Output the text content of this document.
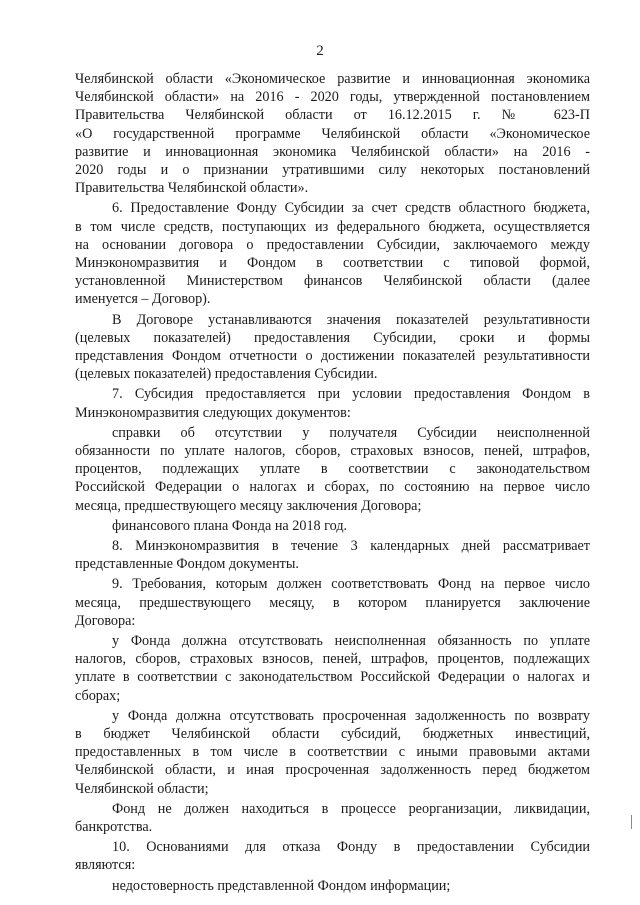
2
Челябинской области «Экономическое развитие и инновационная экономика
Челябинской области» на 2016 - 2020 годы, утвержденной постановлением
Правительства Челябинской области от 16.12.2015 г. № 623-П
«О государственной программе Челябинской области «Экономическое
развитие и инновационная экономика Челябинской области» на 2016 -
2020 годы и о признании утратившими силу некоторых постановлений
Правительства Челябинской области».
6. Предоставление Фонду Субсидии за счет средств областного бюджета,
в том числе средств, поступающих из федерального бюджета, осуществляется
на основании договора о предоставлении Субсидии, заключаемого между
Минэкономразвития и Фондом в соответствии с типовой формой,
установленной Министерством финансов Челябинской области (далее
именуется – Договор).
В Договоре устанавливаются значения показателей результативности
(целевых показателей) предоставления Субсидии, сроки и формы
представления Фондом отчетности о достижении показателей результативности
(целевых показателей) предоставления Субсидии.
7. Субсидия предоставляется при условии предоставления Фондом в
Минэкономразвития следующих документов:
справки об отсутствии у получателя Субсидии неисполненной
обязанности по уплате налогов, сборов, страховых взносов, пеней, штрафов,
процентов, подлежащих уплате в соответствии с законодательством
Российской Федерации о налогах и сборах, по состоянию на первое число
месяца, предшествующего месяцу заключения Договора;
финансового плана Фонда на 2018 год.
8. Минэкономразвития в течение 3 календарных дней рассматривает
представленные Фондом документы.
9. Требования, которым должен соответствовать Фонд на первое число
месяца, предшествующего месяцу, в котором планируется заключение
Договора:
у Фонда должна отсутствовать неисполненная обязанность по уплате
налогов, сборов, страховых взносов, пеней, штрафов, процентов, подлежащих
уплате в соответствии с законодательством Российской Федерации о налогах и
сборах;
у Фонда должна отсутствовать просроченная задолженность по возврату
в бюджет Челябинской области субсидий, бюджетных инвестиций,
предоставленных в том числе в соответствии с иными правовыми актами
Челябинской области, и иная просроченная задолженность перед бюджетом
Челябинской области;
Фонд не должен находиться в процессе реорганизации, ликвидации,
банкротства.
10. Основаниями для отказа Фонду в предоставлении Субсидии
являются:
недостоверность представленной Фондом информации;
